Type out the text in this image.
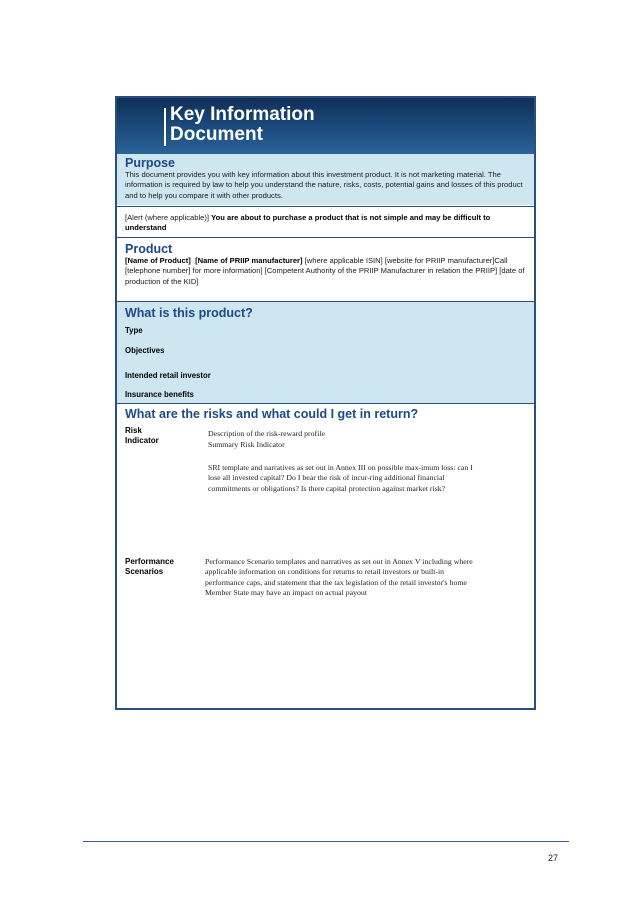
Key Information
Document
Purpose
This document provides you with key information about this investment product. It is not marketing material. The information is required by law to help you understand the nature, risks, costs, potential gains and losses of this product and to help you compare it with other products.
[Alert (where applicable)] You are about to purchase a product that is not simple and may be difficult to understand
Product
[Name of Product] [Name of PRIIP manufacturer] [where applicable ISIN] [website for PRIIP manufacturer]Call [telephone number] for more information] [Competent Authority of the PRIIP Manufacturer in relation the PRIIP] [date of production of the KID]
What is this product?
Type
Objectives
Intended retail investor
Insurance benefits
What are the risks and what could I get in return?
Risk
Indicator
Description of the risk-reward profile
Summary Risk Indicator
SRI template and narratives as set out in Annex III on possible max-imum loss: can I lose all invested capital? Do I bear the risk of incur-ring additional financial commitments or obligations? Is there capital protection against market risk?
Performance
Scenarios
Performance Scenario templates and narratives as set out in Annex V including where applicable information on conditions for returns to retail investors or built-in performance caps, and statement that the tax legislation of the retail investor's home Member State may have an impact on actual payout
27
